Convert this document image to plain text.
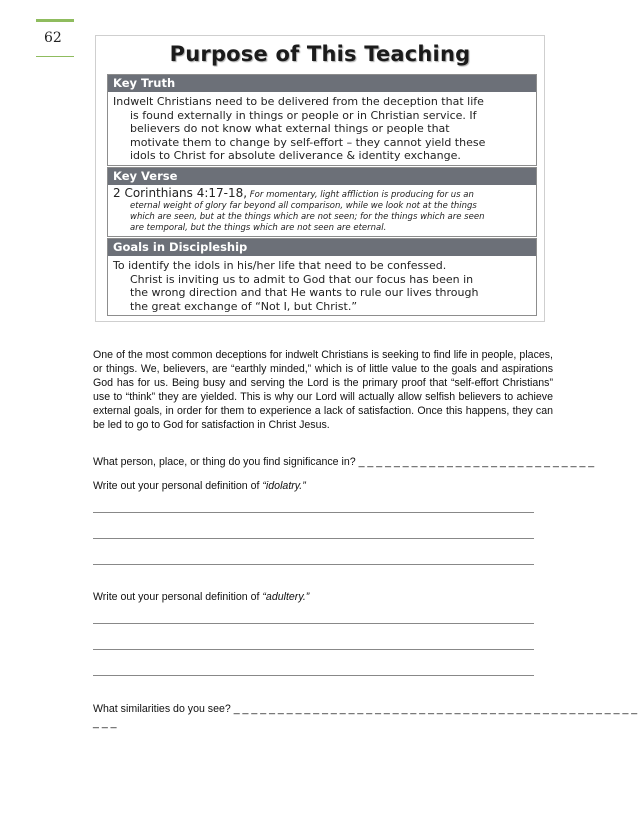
62
Purpose of This Teaching
Key Truth
Indwelt Christians need to be delivered from the deception that life
is found externally in things or people or in Christian service. If
believers do not know what external things or people that
motivate them to change by self-effort – they cannot yield these
idols to Christ for absolute deliverance & identity exchange.
Key Verse
2 Corinthians 4:17-18, For momentary, light affliction is producing for us an
eternal weight of glory far beyond all comparison, while we look not at the things
which are seen, but at the things which are not seen; for the things which are seen
are temporal, but the things which are not seen are eternal.
Goals in Discipleship
To identify the idols in his/her life that need to be confessed.
Christ is inviting us to admit to God that our focus has been in
the wrong direction and that He wants to rule our lives through
the great exchange of “Not I, but Christ.”
One of the most common deceptions for indwelt Christians is seeking to find life in people, places, or things. We, believers, are “earthly minded,” which is of little value to the goals and aspirations God has for us. Being busy and serving the Lord is the primary proof that “self-effort Christians” use to “think” they are yielded. This is why our Lord will actually allow selfish believers to achieve external goals, in order for them to experience a lack of satisfaction. Once this happens, they can be led to go to God for satisfaction in Christ Jesus.
What person, place, or thing do you find significance in? _ _ _ _ _ _ _ _ _ _ _ _ _ _ _ _ _ _ _ _ _ _ _ _ _ _ _
Write out your personal definition of “idolatry.”
Write out your personal definition of “adultery.”
What similarities do you see? _ _ _ _ _ _ _ _ _ _ _ _ _ _ _ _ _ _ _ _ _ _ _ _ _ _ _ _ _ _ _ _ _ _ _ _ _ _ _ _ _ _ _ _ _ _ _ _ _
